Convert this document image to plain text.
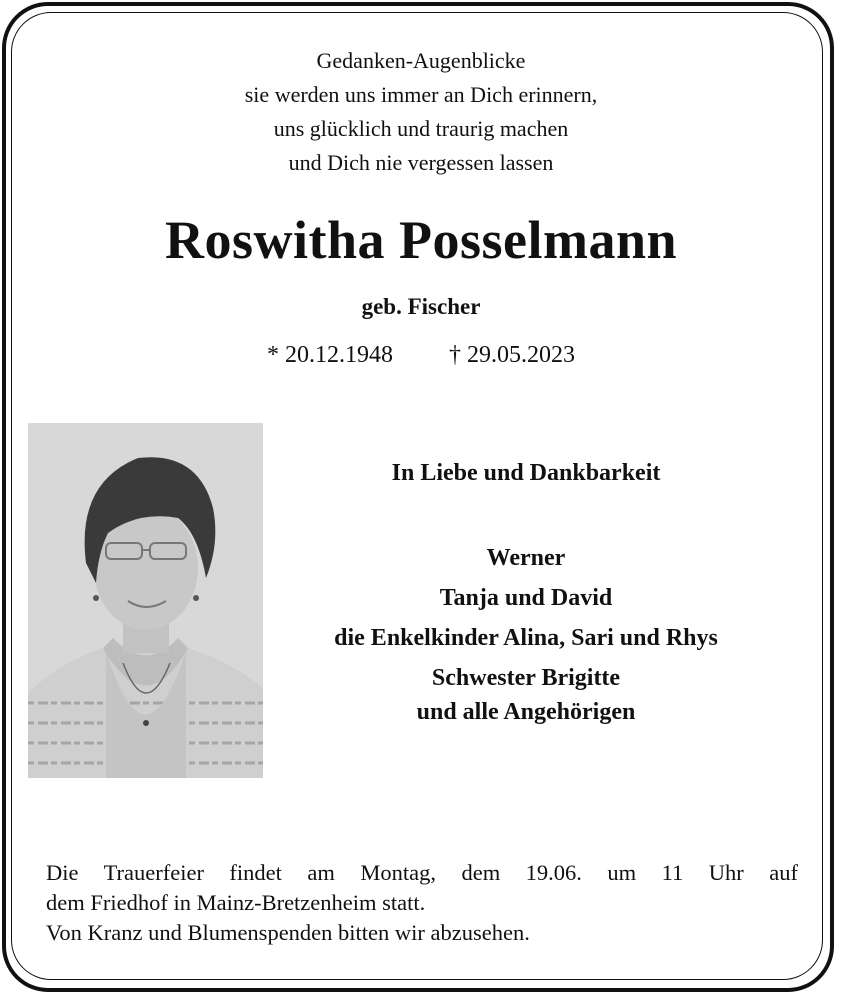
Gedanken-Augenblicke
sie werden uns immer an Dich erinnern,
uns glücklich und traurig machen
und Dich nie vergessen lassen
Roswitha Posselmann
geb. Fischer
* 20.12.1948 † 29.05.2023
In Liebe und Dankbarkeit
Werner
Tanja und David
die Enkelkinder Alina, Sari und Rhys
Schwester Brigitte
und alle Angehörigen
Die Trauerfeier findet am Montag, dem 19.06. um 11 Uhr auf
dem Friedhof in Mainz-Bretzenheim statt.
Von Kranz und Blumenspenden bitten wir abzusehen.
